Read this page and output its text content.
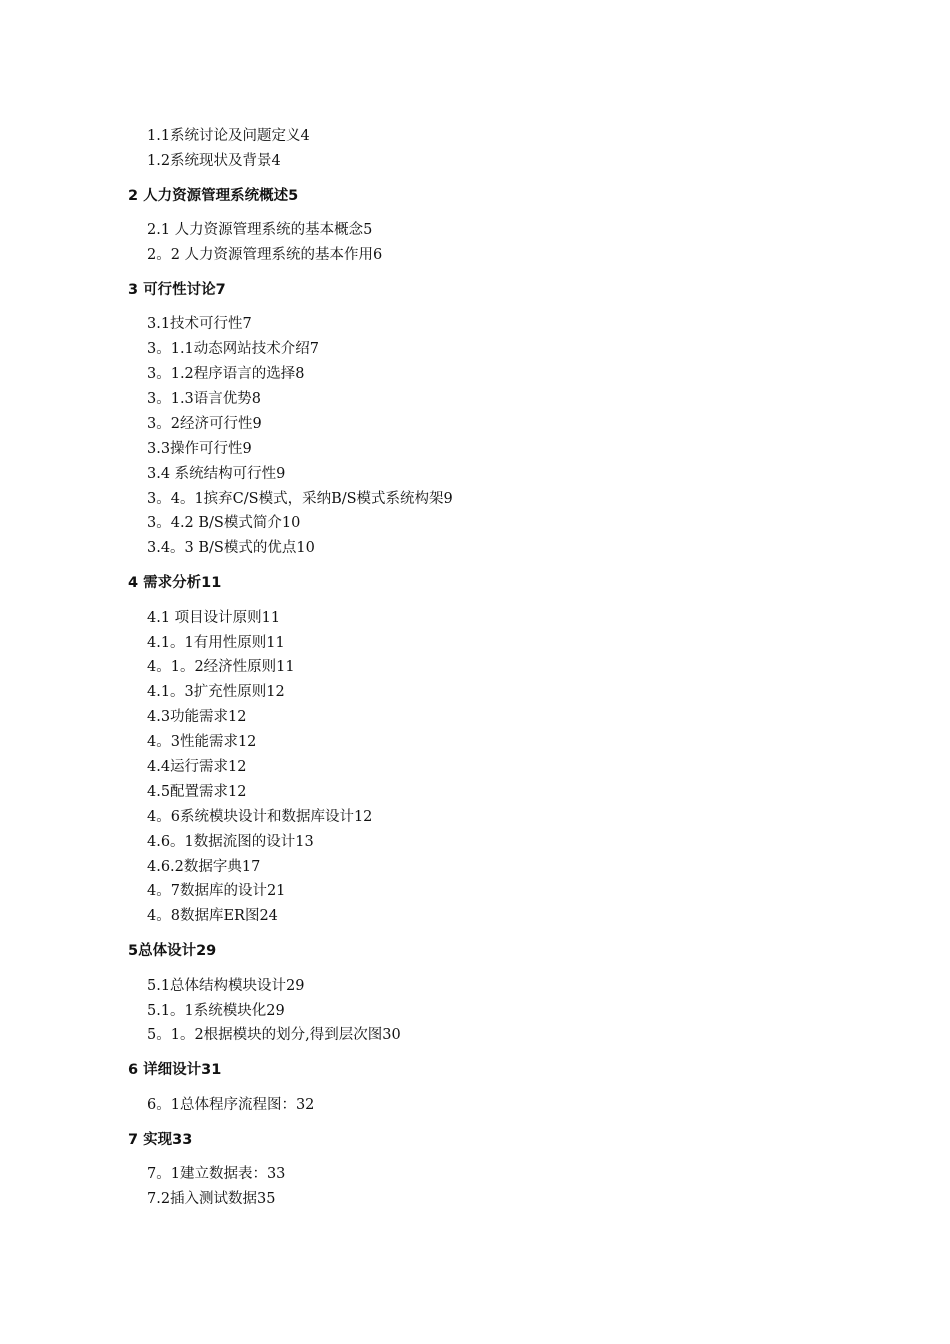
1.1系统讨论及问题定义4
1.2系统现状及背景4
2 人力资源管理系统概述5
2.1 人力资源管理系统的基本概念5
2。2 人力资源管理系统的基本作用6
3 可行性讨论7
3.1技术可行性7
3。1.1动态网站技术介绍7
3。1.2程序语言的选择8
3。1.3语言优势8
3。2经济可行性9
3.3操作可行性9
3.4 系统结构可行性9
3。4。1摈弃C/S模式，采纳B/S模式系统构架9
3。4.2 B/S模式简介10
3.4。3 B/S模式的优点10
4 需求分析11
4.1 项目设计原则11
4.1。1有用性原则11
4。1。2经济性原则11
4.1。3扩充性原则12
4.3功能需求12
4。3性能需求12
4.4运行需求12
4.5配置需求12
4。6系统模块设计和数据库设计12
4.6。1数据流图的设计13
4.6.2数据字典17
4。7数据库的设计21
4。8数据库ER图24
5总体设计29
5.1总体结构模块设计29
5.1。1系统模块化29
5。1。2根据模块的划分,得到层次图30
6 详细设计31
6。1总体程序流程图：32
7 实现33
7。1建立数据表：33
7.2插入测试数据35
